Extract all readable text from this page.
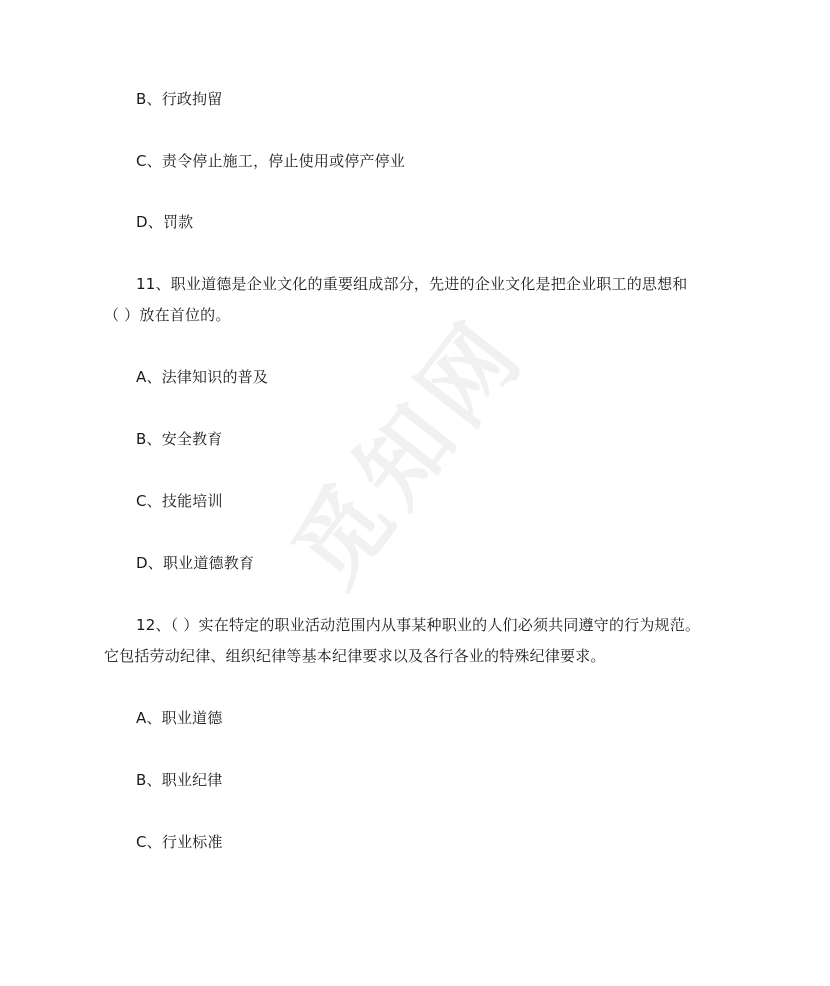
觅知网
B、行政拘留
C、责令停止施工，停止使用或停产停业
D、罚款
11、职业道德是企业文化的重要组成部分，先进的企业文化是把企业职工的思想和
（ ）放在首位的。
A、法律知识的普及
B、安全教育
C、技能培训
D、职业道德教育
12、（ ）实在特定的职业活动范围内从事某种职业的人们必须共同遵守的行为规范。
它包括劳动纪律、组织纪律等基本纪律要求以及各行各业的特殊纪律要求。
A、职业道德
B、职业纪律
C、行业标准
